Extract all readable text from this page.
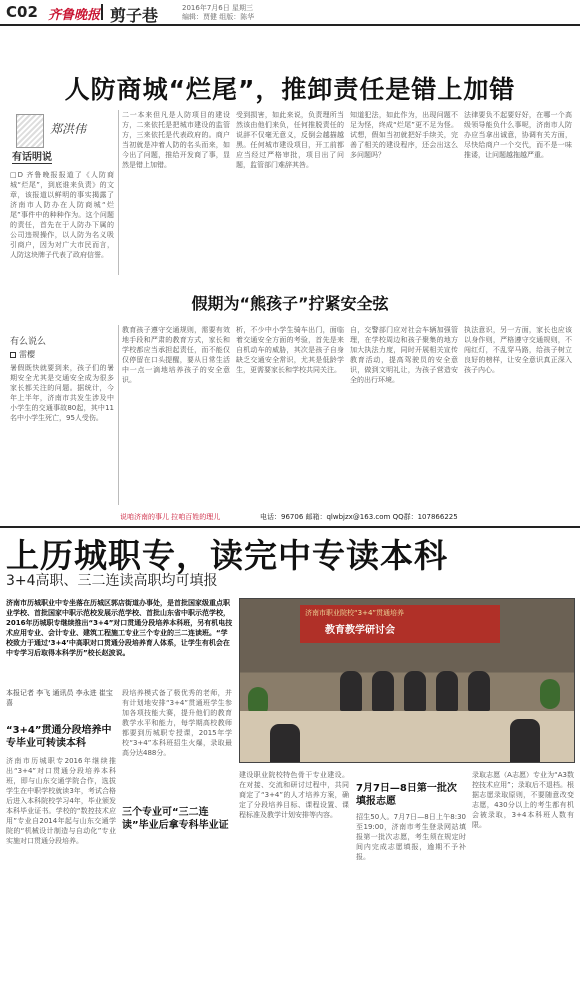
C02 齐鲁晚报 剪子巷	2016年7月6日 星期三
编辑：贾健 组版：陈华
人防商城“烂尾”，推卸责任是错上加错
郑洪伟
有话明说
□D 齐鲁晚报报道了《人防商城“烂尾”，到底谁来负责》的文章，该报道以鲜明的事实揭露了济南市人防办在人防商城“烂尾”事件中的种种作为。这个问题的责任，首先在于人防办下属的公司违规操作，以人防为名义吸引商户，因为对广大市民而言，人防这块牌子代表了政府信誉。
二一本来但凡是人防项目的建设方，二来依托是把城市建设的监管方，三来依托是代表政府的。商户当初就是冲着人防的名头而来，如今出了问题，推给开发商了事，显然是错上加错。
受到损害，如此来说，负责理所当然该由他们来负，任何推脱责任的说辞不仅毫无意义，反倒会越描越黑。任何城市建设项目，开工前都应当经过严格审批，项目出了问题，监管部门难辞其咎。
知道犯法，如此作为，出现问题不足为怪，终成“烂尾”更不足为怪。试想，假如当初就把好手续关，完善了相关的建设程序，还会出这么多问题吗？
法律要负不起要好好，在哪一个高级领导能负什么事呢，济南市人防办应当拿出诚意，协调有关方面，尽快给商户一个交代，而不是一味推诿，让问题越拖越严重。
假期为“熊孩子”拧紧安全弦
有么说么
雷樱
暑假既快就要到来，孩子们的暑期安全尤其是交通安全成为很多家长都关注的问题。据统计，今年上半年，济南市共发生涉及中小学生的交通事故80起，其中11名中小学生死亡，95人受伤。
教育孩子遵守交通规则，需要有效地手段和严肃的教育方式，家长和学校都应当承担起责任，而不能仅仅停留在口头提醒，要从日常生活中一点一滴地培养孩子的安全意识。
析，不少中小学生骑车出门，面临着交通安全方面的考验，首先是来自机动车的威胁，其次是孩子自身缺乏交通安全常识，尤其是低龄学生，更需要家长和学校共同关注。
自，交警部门应对社会车辆加强管理，在学校周边和孩子聚集的地方加大执法力度，同时开展相关宣传教育活动，提高驾驶员的安全意识，做到文明礼让，为孩子营造安全的出行环境。
执法意识，另一方面，家长也应该以身作则，严格遵守交通规则，不闯红灯，不乱穿马路，给孩子树立良好的榜样，让安全意识真正深入孩子内心。
说咱济南的事儿 拉咱百姓的理儿	电话：96706 邮箱：qlwbjzx@163.com QQ群：107866225
上历城职专，读完中专读本科
3+4高职、三二连读高职均可填报
济南市历城职业中专坐落在历城区郭店街道办事处，是首批国家级重点职业学校、首批国家中职示范校发展示范学校、首批山东省中职示范学校，2016年历城职专继续推出“3+4”对口贯通分段培养本科班，另有机电技术应用专业、会计专业、建筑工程施工专业三个专业的三二连读班。“学校致力于通过‘3+4’中高职对口贯通分段培养育人体系，让学生有机会在中专学习后取得本科学历”校长赵波说。
济南市职业院校“3+4”贯通培养
教育教学研讨会
本报记者 李飞 通讯员 李永进 崔宝喜
“3+4”贯通分段培养中专毕业可转读本科
济南市历城职专2016年继续推出“3+4”对口贯通分段培养本科班，即与山东交通学院合作，选拔学生在中职学校就读3年，考试合格后进入本科院校学习4年，毕业颁发本科毕业证书。学校的“数控技术应用”专业自2014年起与山东交通学院的“机械设计制造与自动化”专业实施对口贯通分段培养。
段培养模式备了极优秀的老师，并有计划地安排“3+4”贯通班学生参加各项技能大赛，提升他们的教育教学水平和能力，每学期高校教师都要到历城职专授课，2015年学校“3+4”本科班招生火爆，录取最高分达488分。
三个专业可“三二连读”毕业后拿专科毕业证
建设职业院校特色骨干专业建设。在对接、交流和研讨过程中，共同商定了“3+4”的人才培养方案，确定了分段培养目标、课程设置、课程标准及教学计划安排等内容。
7月7日—8日第一批次填报志愿
招生50人。7月7日—8日上午8:30至19:00，济南市考生登录网站填报第一批次志愿，考生须在规定时间内完成志愿填报，逾期不予补报。
录取志愿（A志愿）专业为“A3数控技术应用”；录取后不退档。根据志愿录取原则，不要随意改变志愿，430分以上的考生都有机会被录取，3+4本科班人数有限。
